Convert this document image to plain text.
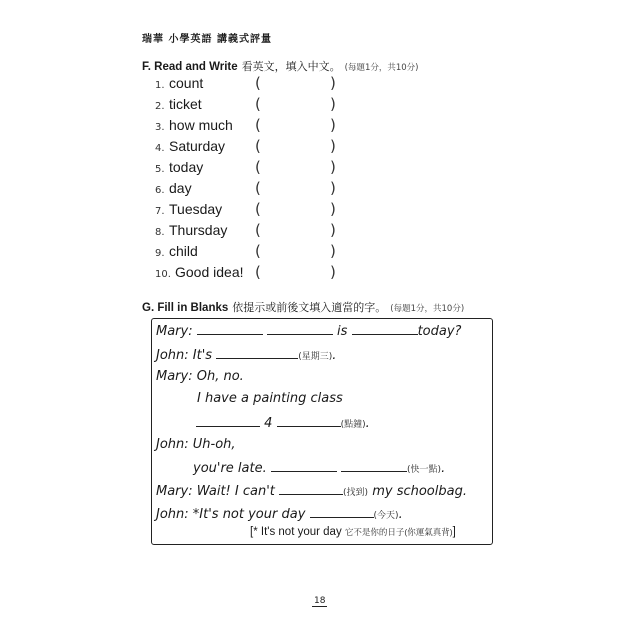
瑞華 小學英語 講義式評量
F. Read and Write 看英文，填入中文。 (每題1分，共10分)
1. count	(	)
2. ticket	(	)
3. how much	(	)
4. Saturday	(	)
5. today	(	)
6. day	(	)
7. Tuesday	(	)
8. Thursday	(	)
9. child	(	)
10. Good idea! (	)
G. Fill in Blanks 依提示或前後文填入適當的字。 (每題1分，共10分)
Mary:	is	today?
John: It's	(星期三).
Mary: Oh, no.
I have a painting class
4	(點鐘).
John: Uh-oh,
you're late.	(快一點).
Mary: Wait! I can't	(找到) my schoolbag.
John: *It's not your day	(今天).
[* It's not your day 它不是你的日子(你運氣真背)]
18
